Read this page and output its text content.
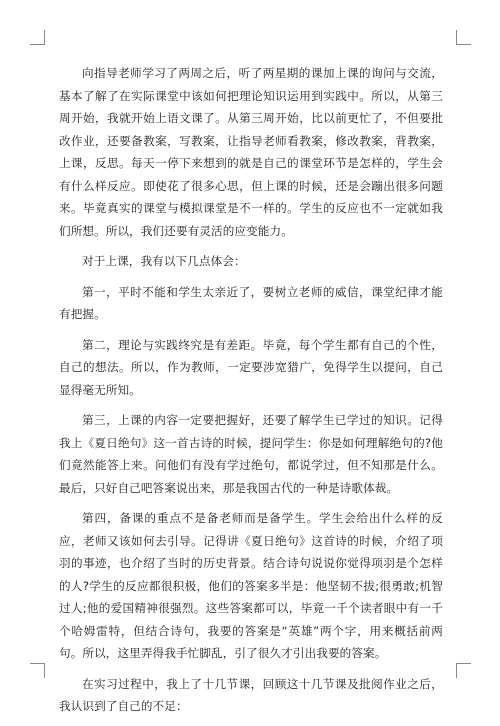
向指导老师学习了两周之后，听了两星期的课加上课的询问与交流，基本了解了在实际课堂中该如何把理论知识运用到实践中。所以，从第三周开始，我就开始上语文课了。从第三周开始，比以前更忙了，不但要批改作业，还要备教案，写教案，让指导老师看教案，修改教案，背教案，上课，反思。每天一停下来想到的就是自己的课堂环节是怎样的，学生会有什么样反应。即使花了很多心思，但上课的时候，还是会蹦出很多问题来。毕竟真实的课堂与模拟课堂是不一样的。学生的反应也不一定就如我们所想。所以，我们还要有灵活的应变能力。

对于上课，我有以下几点体会：

第一，平时不能和学生太亲近了，要树立老师的威信，课堂纪律才能有把握。

第二，理论与实践终究是有差距。毕竟，每个学生都有自己的个性，自己的想法。所以，作为教师，一定要涉宽猎广，免得学生以提问，自己显得毫无所知。

第三，上课的内容一定要把握好，还要了解学生已学过的知识。记得我上《夏日绝句》这一首古诗的时候，提问学生：你是如何理解绝句的?他们竟然能答上来。问他们有没有学过绝句，都说学过，但不知那是什么。最后，只好自己吧答案说出来，那是我国古代的一种是诗歌体裁。

第四，备课的重点不是备老师而是备学生。学生会给出什么样的反应，老师又该如何去引导。记得讲《夏日绝句》这首诗的时候，介绍了项羽的事迹，也介绍了当时的历史背景。结合诗句说说你觉得项羽是个怎样的人?学生的反应都很积极，他们的答案多半是：他坚韧不拔;很勇敢;机智过人;他的爱国精神很强烈。这些答案都可以，毕竟一千个读者眼中有一千个哈姆雷特，但结合诗句，我要的答案是“英雄”两个字，用来概括前两句。所以，这里弄得我手忙脚乱，引了很久才引出我要的答案。

在实习过程中，我上了十几节课，回顾这十几节课及批阅作业之后，我认识到了自己的不足：
